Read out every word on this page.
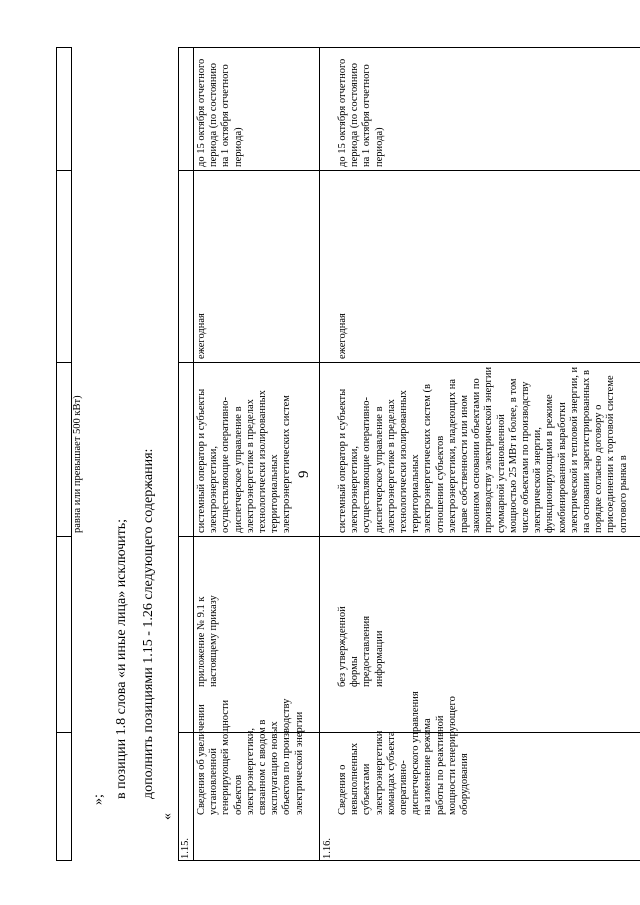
9
равна или превышает 500 кВт)
»;
в позиции 1.8 слова «и иные лица» исключить; дополнить позициями 1.15 - 1.26 следующего содержания:
«
1.15.
Сведения об увеличении установленной генерирующей мощности объектов электроэнергетики, связанном с вводом в эксплуатацию новых объектов по производству электрической энергии
приложение № 9.1 к настоящему приказу
системный оператор и субъекты электроэнергетики, осуществляющие оперативно-диспетчерское управление в электроэнергетике в пределах технологически изолированных территориальных электроэнергетических систем
ежегодная
до 15 октября отчетного периода (по состоянию на 1 октября отчетного периода)
1.16.
Сведения о невыполненных субъектами электроэнергетики командах субъекта оперативно-диспетчерского управления на изменение режима работы по реактивной мощности генерирующего оборудования
без утвержденной формы предоставления информации
системный оператор и субъекты электроэнергетики, осуществляющие оперативно-диспетчерское управление в электроэнергетике в пределах технологически изолированных территориальных электроэнергетических систем (в отношении субъектов электроэнергетики, владеющих на праве собственности или ином законном основании объектами по производству электрической энергии суммарной установленной мощностью 25 МВт и более, в том числе объектами по производству электрической энергии, функционирующими в режиме комбинированной выработки электрической и тепловой энергии, и на основании зарегистрированных в порядке согласно договору о присоединении к торговой системе оптового рынка в
ежегодная
до 15 октября отчетного периода (по состоянию на 1 октября отчетного периода)
